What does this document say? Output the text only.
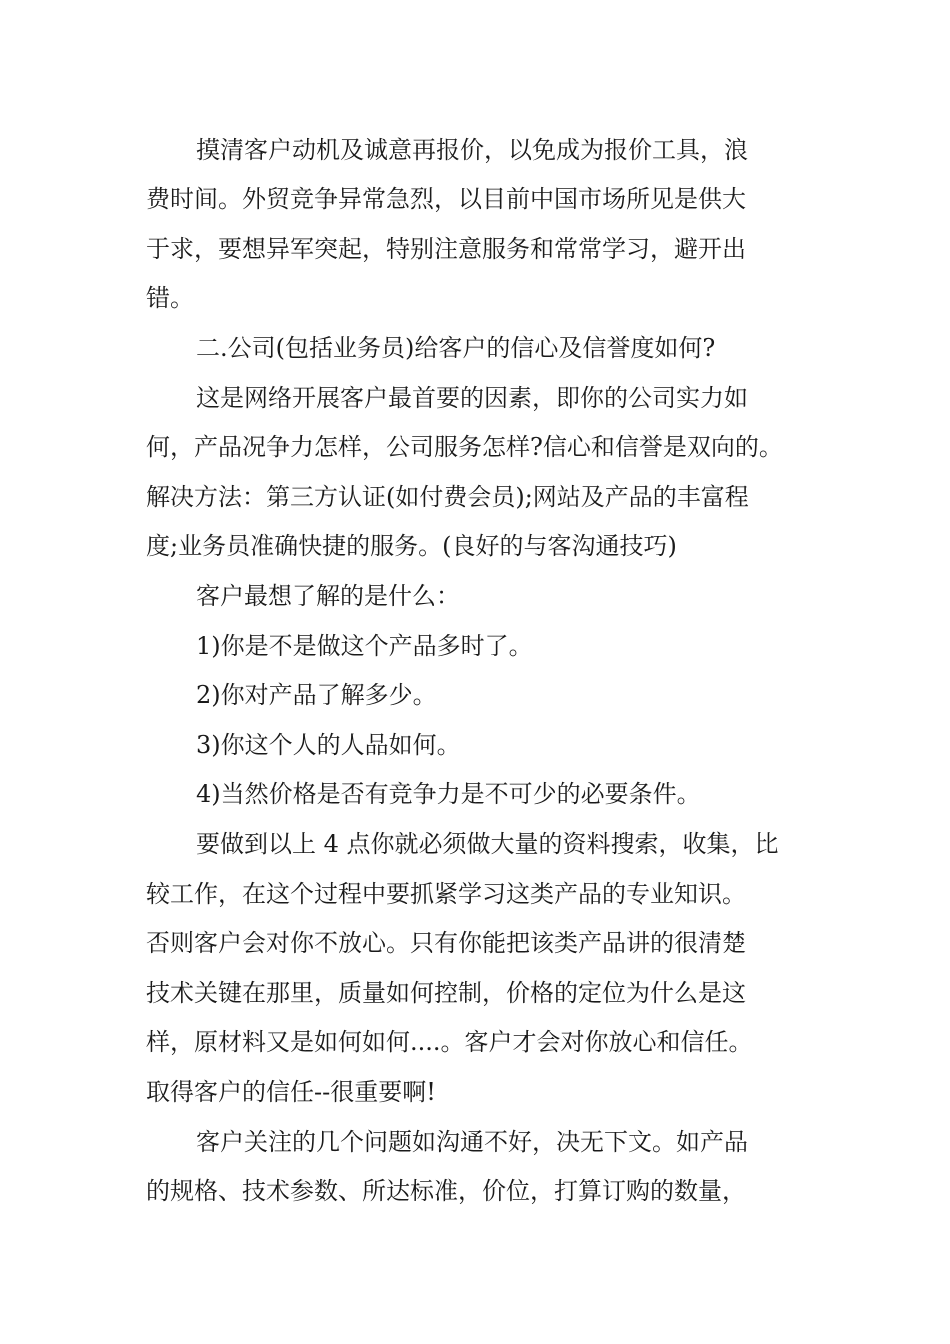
摸清客户动机及诚意再报价，以免成为报价工具，浪

费时间。外贸竞争异常急烈，以目前中国市场所见是供大

于求，要想异军突起，特别注意服务和常常学习，避开出

错。

二.公司(包括业务员)给客户的信心及信誉度如何?

这是网络开展客户最首要的因素，即你的公司实力如

何，产品况争力怎样，公司服务怎样?信心和信誉是双向的。

解决方法：第三方认证(如付费会员);网站及产品的丰富程

度;业务员准确快捷的服务。(良好的与客沟通技巧)

客户最想了解的是什么：

1)你是不是做这个产品多时了。

2)你对产品了解多少。

3)你这个人的人品如何。

4)当然价格是否有竞争力是不可少的必要条件。

要做到以上 4 点你就必须做大量的资料搜索，收集，比

较工作，在这个过程中要抓紧学习这类产品的专业知识。

否则客户会对你不放心。只有你能把该类产品讲的很清楚

技术关键在那里，质量如何控制，价格的定位为什么是这

样，原材料又是如何如何....。客户才会对你放心和信任。

取得客户的信任--很重要啊!

客户关注的几个问题如沟通不好，决无下文。如产品

的规格、技术参数、所达标准，价位，打算订购的数量，
